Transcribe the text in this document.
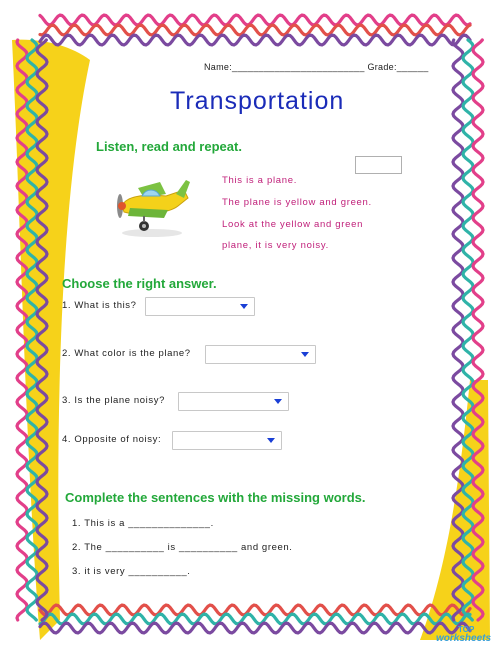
Name:_________________________ Grade:______
Transportation
Listen, read and repeat.
This is a plane.
The plane is yellow and green.
Look at the yellow and green
plane, it is very noisy.
Choose the right answer.
1. What is this?
2. What color is the plane?
3. Is the plane noisy?
4. Opposite of noisy:
Complete the sentences with the missing words.
1. This is a ______________.
2. The __________ is __________ and green.
3. it is very __________.
TOP
worksheets
